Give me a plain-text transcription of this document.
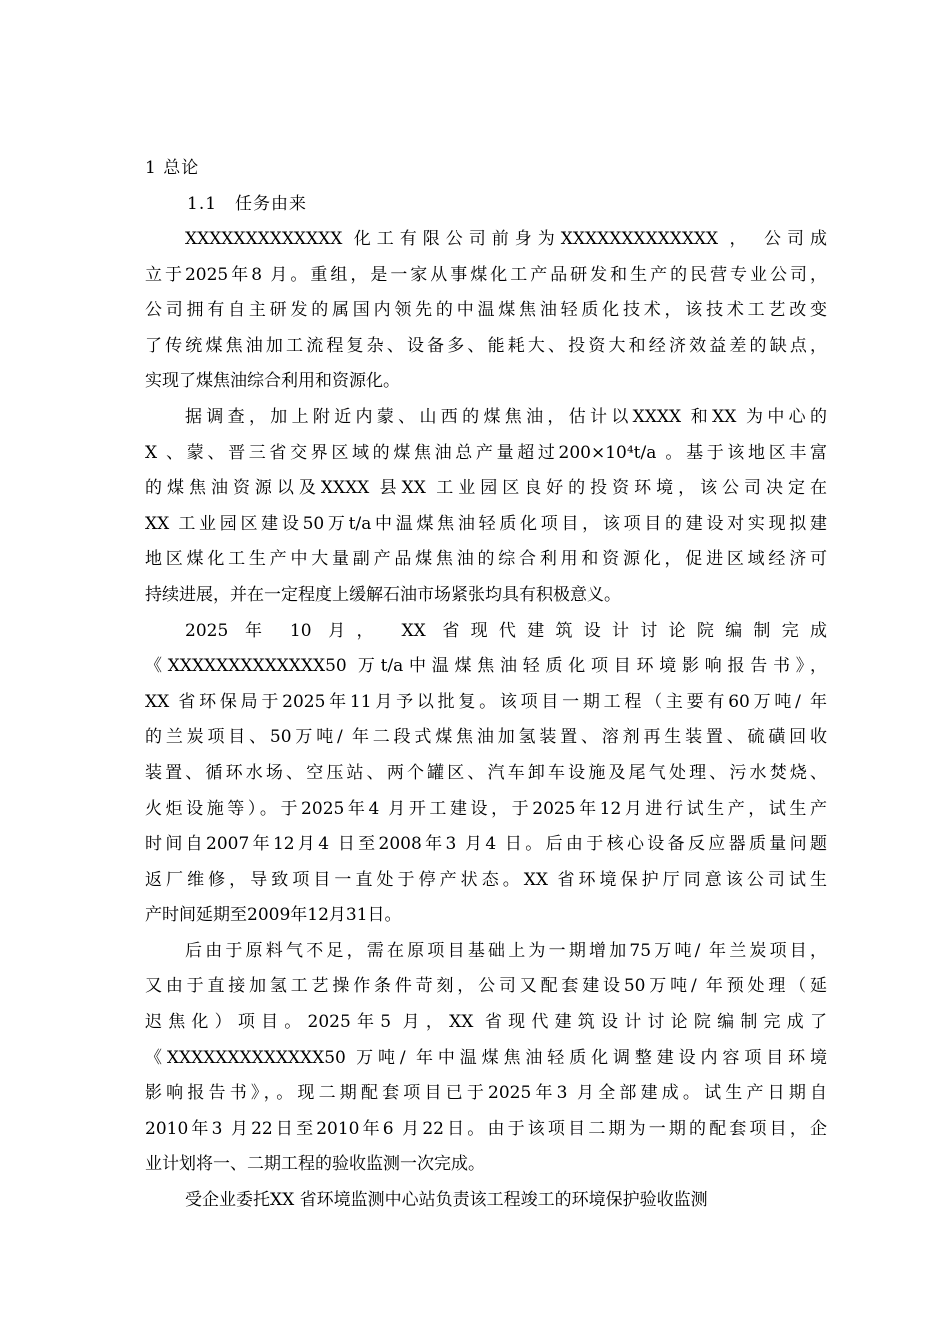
1 总论
1.1 任务由来
XXXXXXXXXXXXX 化工有限公司前身为XXXXXXXXXXXXX ， 公司成
立于2025年8 月。重组，是一家从事煤化工产品研发和生产的民营专业公司，
公司拥有自主研发的属国内领先的中温煤焦油轻质化技术，该技术工艺改变
了传统煤焦油加工流程复杂、设备多、能耗大、投资大和经济效益差的缺点，
实现了煤焦油综合利用和资源化。
据调查，加上附近内蒙、山西的煤焦油，估计以XXXX 和XX 为中心的
X 、蒙、晋三省交界区域的煤焦油总产量超过200×10⁴t/a 。基于该地区丰富
的煤焦油资源以及XXXX 县XX 工业园区良好的投资环境，该公司决定在
XX 工业园区建设50万t/a中温煤焦油轻质化项目，该项目的建设对实现拟建
地区煤化工生产中大量副产品煤焦油的综合利用和资源化，促进区域经济可
持续进展，并在一定程度上缓解石油市场紧张均具有积极意义。
2025 年 10 月， XX 省现代建筑设计讨论院编制完成
《XXXXXXXXXXXXX50 万t/a中温煤焦油轻质化项目环境影响报告书》，
XX 省环保局于2025年11月予以批复。该项目一期工程（主要有60万吨/ 年
的兰炭项目、50万吨/ 年二段式煤焦油加氢装置、溶剂再生装置、硫磺回收
装置、循环水场、空压站、两个罐区、汽车卸车设施及尾气处理、污水焚烧、
火炬设施等）。于2025年4 月开工建设，于2025年12月进行试生产，试生产
时间自2007年12月4 日至2008年3 月4 日。后由于核心设备反应器质量问题
返厂维修，导致项目一直处于停产状态。XX 省环境保护厅同意该公司试生
产时间延期至2009年12月31日。
后由于原料气不足，需在原项目基础上为一期增加75万吨/ 年兰炭项目，
又由于直接加氢工艺操作条件苛刻，公司又配套建设50万吨/ 年预处理（延
迟焦化）项目。2025年5 月，XX 省现代建筑设计讨论院编制完成了
《XXXXXXXXXXXXX50 万吨/ 年中温煤焦油轻质化调整建设内容项目环境
影响报告书》，。现二期配套项目已于2025年3 月全部建成。试生产日期自
2010年3 月22日至2010年6 月22日。由于该项目二期为一期的配套项目，企
业计划将一、二期工程的验收监测一次完成。
受企业委托XX 省环境监测中心站负责该工程竣工的环境保护验收监测
